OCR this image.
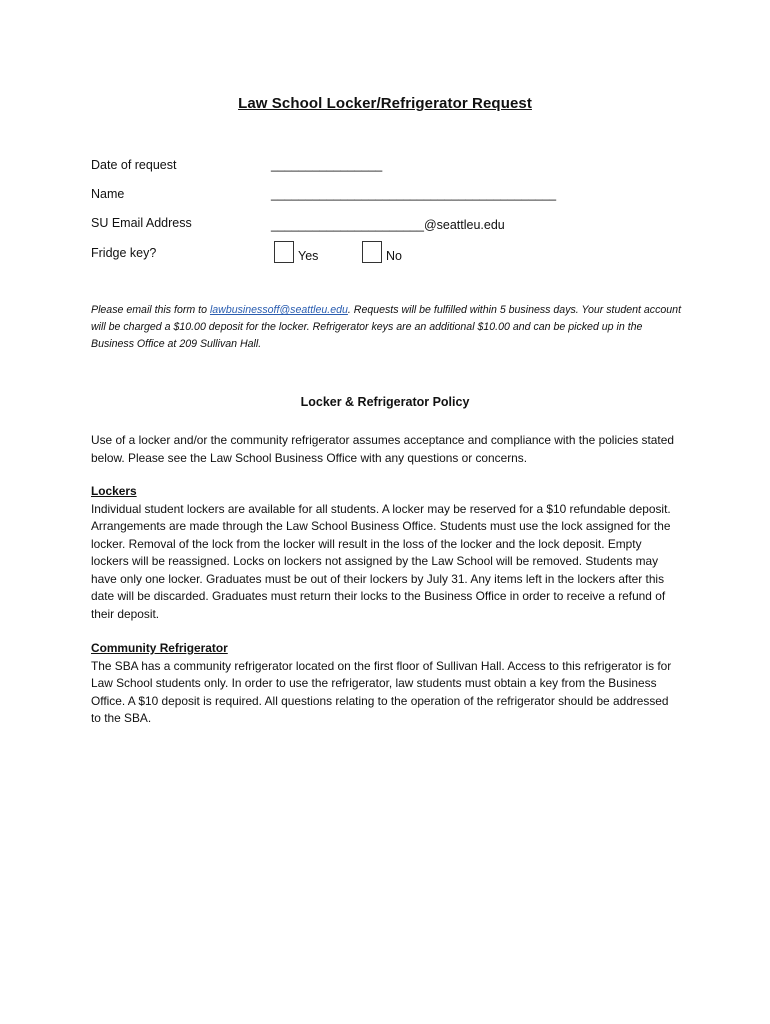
Law School Locker/Refrigerator Request
Date of request	________________
Name	_________________________________________
SU Email Address	______________________@seattleu.edu
Fridge key?	Yes	No
Please email this form to lawbusinessoff@seattleu.edu. Requests will be fulfilled within 5 business days. Your student account will be charged a $10.00 deposit for the locker. Refrigerator keys are an additional $10.00 and can be picked up in the Business Office at 209 Sullivan Hall.
Locker & Refrigerator Policy
Use of a locker and/or the community refrigerator assumes acceptance and compliance with the policies stated below. Please see the Law School Business Office with any questions or concerns.
Lockers
Individual student lockers are available for all students. A locker may be reserved for a $10 refundable deposit. Arrangements are made through the Law School Business Office. Students must use the lock assigned for the locker. Removal of the lock from the locker will result in the loss of the locker and the lock deposit. Empty lockers will be reassigned. Locks on lockers not assigned by the Law School will be removed. Students may have only one locker. Graduates must be out of their lockers by July 31. Any items left in the lockers after this date will be discarded. Graduates must return their locks to the Business Office in order to receive a refund of their deposit.
Community Refrigerator
The SBA has a community refrigerator located on the first floor of Sullivan Hall. Access to this refrigerator is for Law School students only. In order to use the refrigerator, law students must obtain a key from the Business Office. A $10 deposit is required. All questions relating to the operation of the refrigerator should be addressed to the SBA.
